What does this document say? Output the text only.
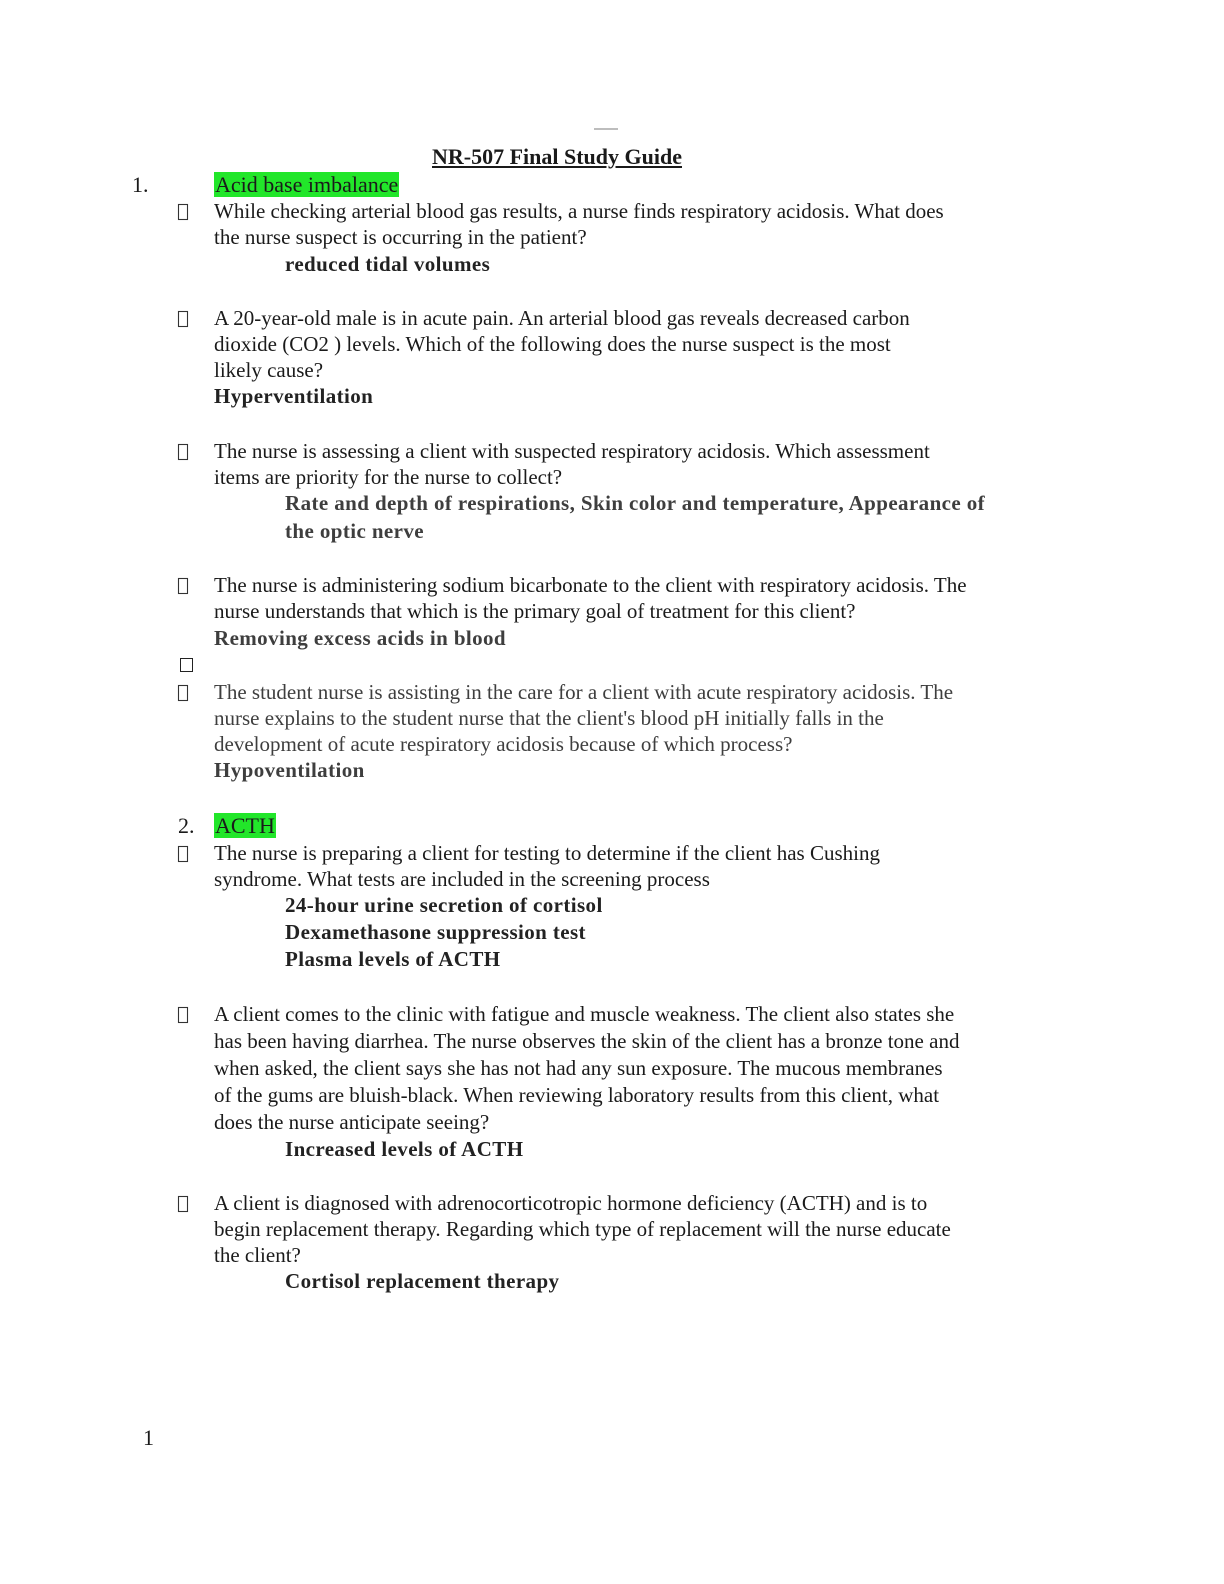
NR-507 Final Study Guide
1.	Acid base imbalance
While checking arterial blood gas results, a nurse finds respiratory acidosis. What does
the nurse suspect is occurring in the patient?
reduced tidal volumes
A 20-year-old male is in acute pain. An arterial blood gas reveals decreased carbon
dioxide (CO2 ) levels. Which of the following does the nurse suspect is the most
likely cause?
Hyperventilation
The nurse is assessing a client with suspected respiratory acidosis. Which assessment
items are priority for the nurse to collect?
Rate and depth of respirations, Skin color and temperature, Appearance of
the optic nerve
The nurse is administering sodium bicarbonate to the client with respiratory acidosis. The
nurse understands that which is the primary goal of treatment for this client?
Removing excess acids in blood
The student nurse is assisting in the care for a client with acute respiratory acidosis. The
nurse explains to the student nurse that the client's blood pH initially falls in the
development of acute respiratory acidosis because of which process?
Hypoventilation
2. ACTH
The nurse is preparing a client for testing to determine if the client has Cushing
syndrome. What tests are included in the screening process
24-hour urine secretion of cortisol
Dexamethasone suppression test
Plasma levels of ACTH
A client comes to the clinic with fatigue and muscle weakness. The client also states she
has been having diarrhea. The nurse observes the skin of the client has a bronze tone and
when asked, the client says she has not had any sun exposure. The mucous membranes
of the gums are bluish-black. When reviewing laboratory results from this client, what
does the nurse anticipate seeing?
Increased levels of ACTH
A client is diagnosed with adrenocorticotropic hormone deficiency (ACTH) and is to
begin replacement therapy. Regarding which type of replacement will the nurse educate
the client?
Cortisol replacement therapy
1
